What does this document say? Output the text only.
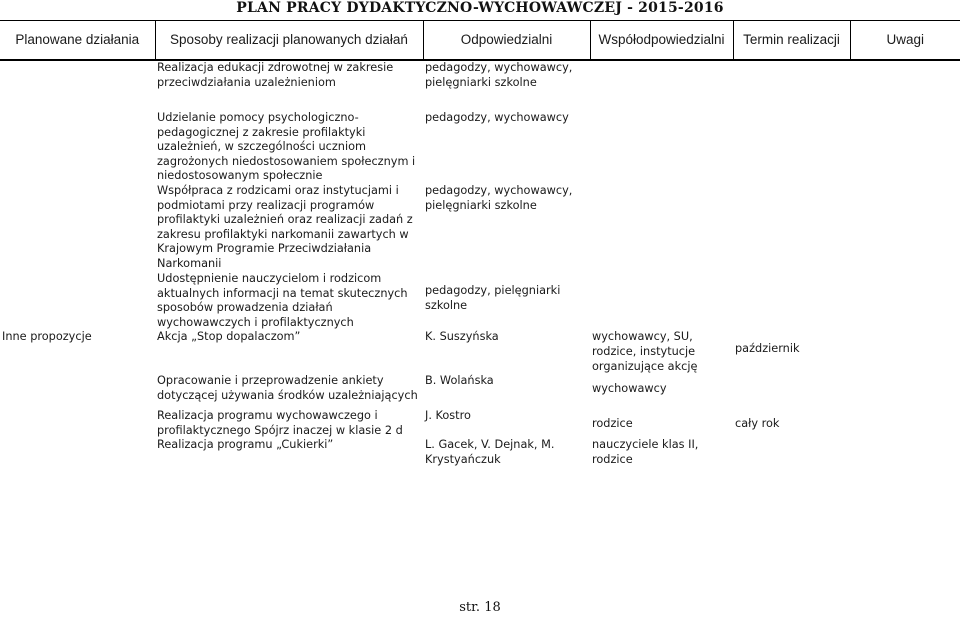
PLAN PRACY DYDAKTYCZNO-WYCHOWAWCZEJ - 2015-2016
Planowane działania	Sposoby realizacji planowanych działań	Odpowiedzialni	Współodpowiedzialni	Termin realizacji	Uwagi
	Realizacja edukacji zdrowotnej w zakresie przeciwdziałania uzależnieniom	pedagodzy, wychowawcy, pielęgniarki szkolne			
	Udzielanie pomocy psychologiczno-pedagogicznej z zakresie profilaktyki uzależnień, w szczególności uczniom zagrożonych niedostosowaniem społecznym i niedostosowanym społecznie	pedagodzy, wychowawcy			
	Współpraca z rodzicami oraz instytucjami i podmiotami przy realizacji programów profilaktyki uzależnień oraz realizacji zadań z zakresu profilaktyki narkomanii zawartych w Krajowym Programie Przeciwdziałania Narkomanii	pedagodzy, wychowawcy, pielęgniarki szkolne			
	Udostępnienie nauczycielom i rodzicom aktualnych informacji na temat skutecznych sposobów prowadzenia działań wychowawczych i profilaktycznych	pedagodzy, pielęgniarki szkolne			
Inne propozycje	Akcja „Stop dopalaczom”	K. Suszyńska	wychowawcy, SU, rodzice, instytucje organizujące akcję	październik	
	Opracowanie i przeprowadzenie ankiety dotyczącej używania środków uzależniających	B. Wolańska	wychowawcy		
	Realizacja programu wychowawczego i profilaktycznego Spójrz inaczej w klasie 2 d	J. Kostro	rodzice	cały rok	
	Realizacja programu „Cukierki”	L. Gacek, V. Dejnak, M. Krystyańczuk	nauczyciele klas II, rodzice		
str. 18
